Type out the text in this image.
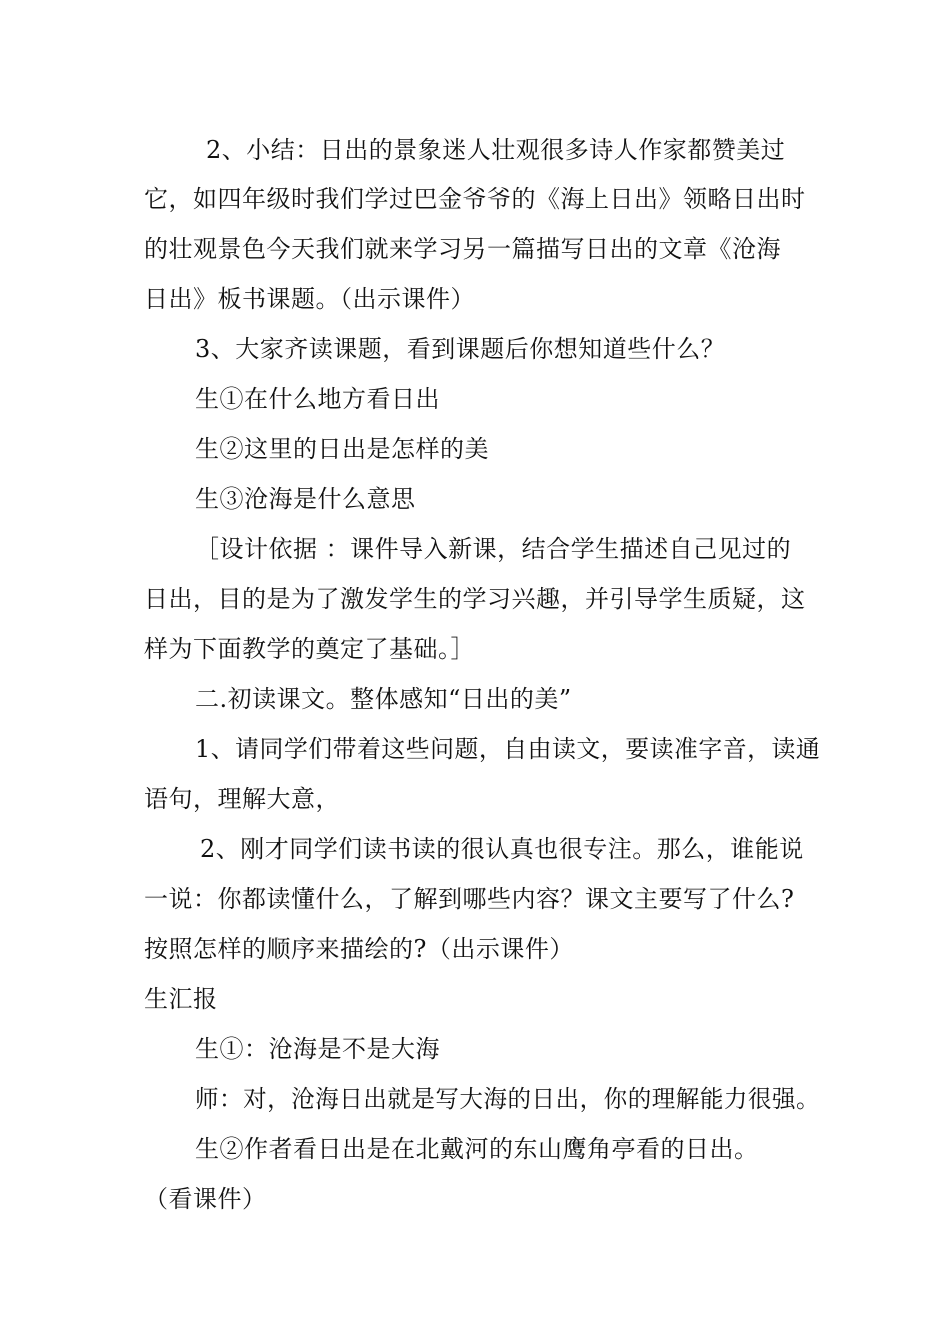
2、小结：日出的景象迷人壮观很多诗人作家都赞美过
它，如四年级时我们学过巴金爷爷的《海上日出》领略日出时
的壮观景色今天我们就来学习另一篇描写日出的文章《沧海
日出》板书课题。（出示课件）
3、大家齐读课题，看到课题后你想知道些什么？
生①在什么地方看日出
生②这里的日出是怎样的美
生③沧海是什么意思
［设计依据 ：课件导入新课，结合学生描述自己见过的
日出，目的是为了激发学生的学习兴趣，并引导学生质疑，这
样为下面教学的奠定了基础。］
二.初读课文。整体感知“日出的美”
1、请同学们带着这些问题，自由读文，要读准字音，读通
语句，理解大意，
2、刚才同学们读书读的很认真也很专注。那么，谁能说
一说：你都读懂什么，了解到哪些内容？课文主要写了什么?
按照怎样的顺序来描绘的?（出示课件）
生汇报
生①：沧海是不是大海
师：对，沧海日出就是写大海的日出，你的理解能力很强。
生②作者看日出是在北戴河的东山鹰角亭看的日出。
（看课件）
